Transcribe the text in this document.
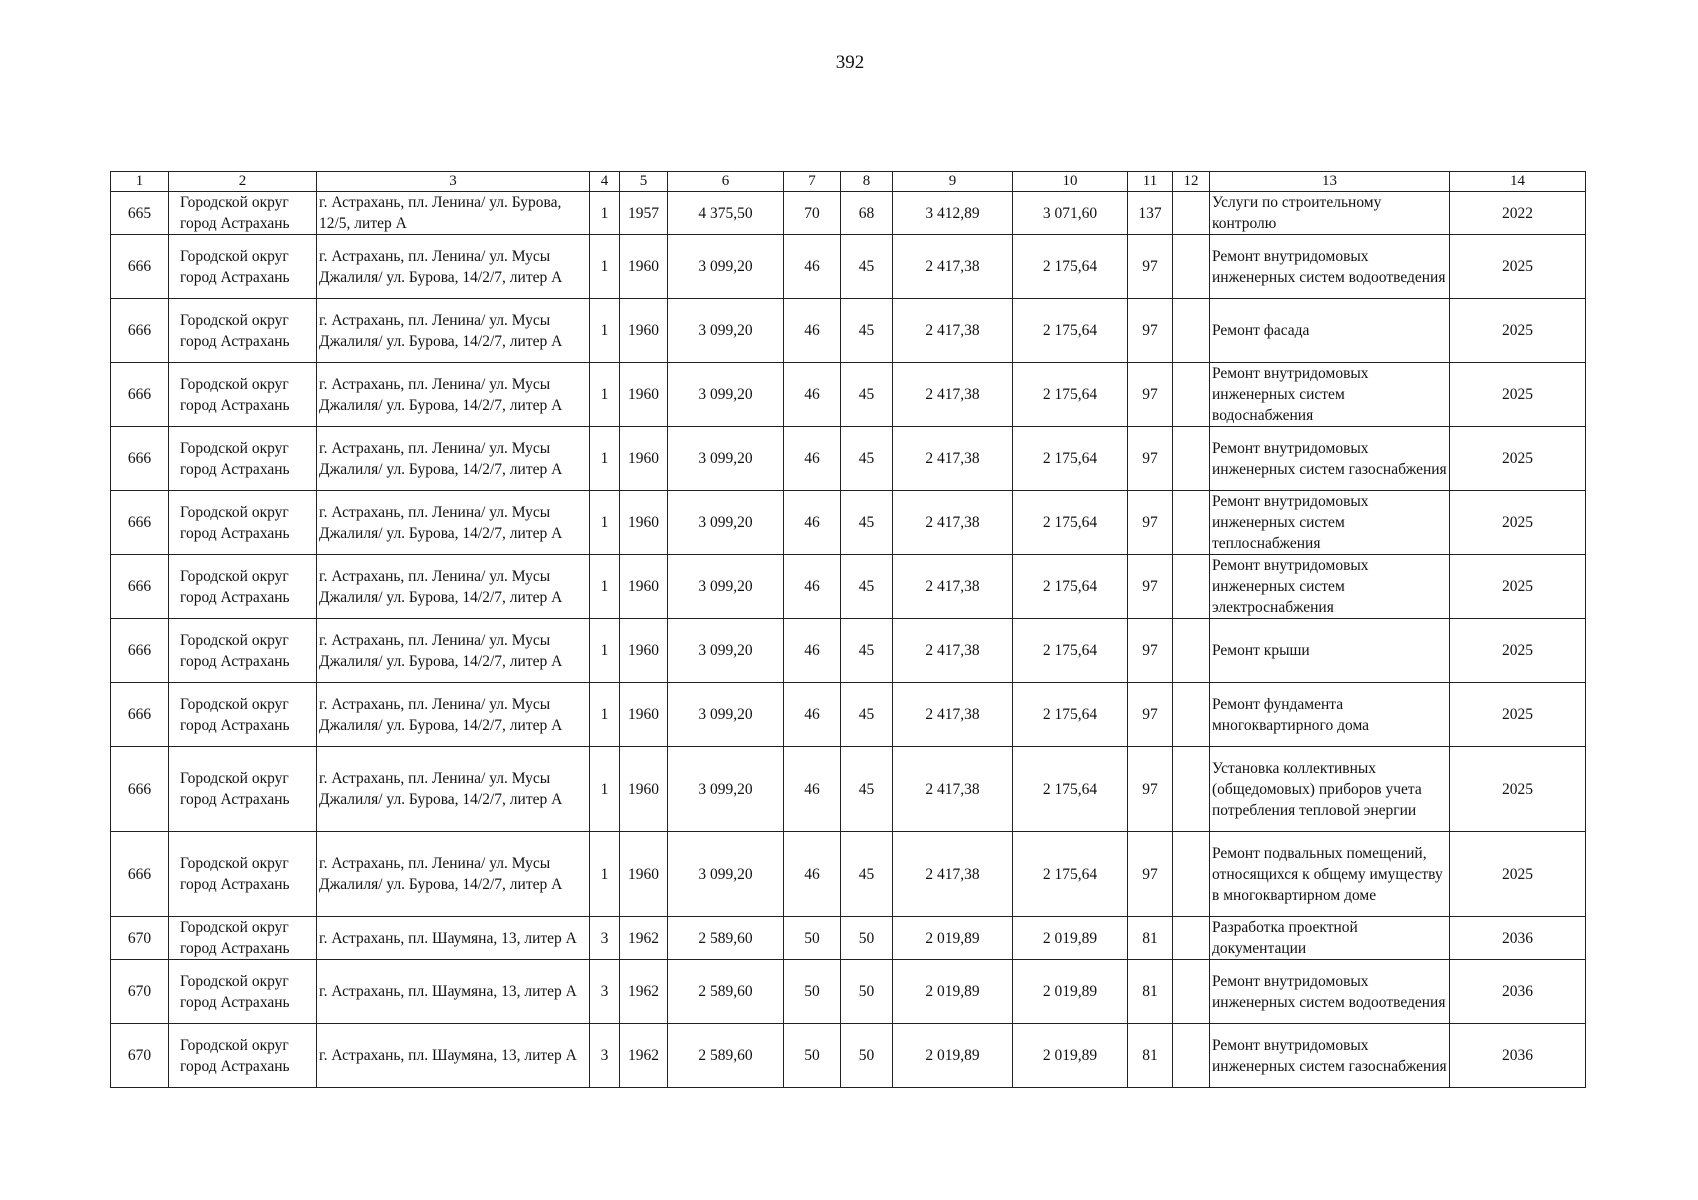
392
1	2	3	4	5	6	7	8	9	10	11	12	13	14
665	Городской округ город Астрахань	г. Астрахань, пл. Ленина/ ул. Бурова, 12/5, литер А	1	1957	4 375,50	70	68	3 412,89	3 071,60	137		Услуги по строительному контролю	2022
666	Городской округ город Астрахань	г. Астрахань, пл. Ленина/ ул. Мусы Джалиля/ ул. Бурова, 14/2/7, литер А	1	1960	3 099,20	46	45	2 417,38	2 175,64	97		Ремонт внутридомовых инженерных систем водоотведения	2025
666	Городской округ город Астрахань	г. Астрахань, пл. Ленина/ ул. Мусы Джалиля/ ул. Бурова, 14/2/7, литер А	1	1960	3 099,20	46	45	2 417,38	2 175,64	97		Ремонт фасада	2025
666	Городской округ город Астрахань	г. Астрахань, пл. Ленина/ ул. Мусы Джалиля/ ул. Бурова, 14/2/7, литер А	1	1960	3 099,20	46	45	2 417,38	2 175,64	97		Ремонт внутридомовых инженерных систем водоснабжения	2025
666	Городской округ город Астрахань	г. Астрахань, пл. Ленина/ ул. Мусы Джалиля/ ул. Бурова, 14/2/7, литер А	1	1960	3 099,20	46	45	2 417,38	2 175,64	97		Ремонт внутридомовых инженерных систем газоснабжения	2025
666	Городской округ город Астрахань	г. Астрахань, пл. Ленина/ ул. Мусы Джалиля/ ул. Бурова, 14/2/7, литер А	1	1960	3 099,20	46	45	2 417,38	2 175,64	97		Ремонт внутридомовых инженерных систем теплоснабжения	2025
666	Городской округ город Астрахань	г. Астрахань, пл. Ленина/ ул. Мусы Джалиля/ ул. Бурова, 14/2/7, литер А	1	1960	3 099,20	46	45	2 417,38	2 175,64	97		Ремонт внутридомовых инженерных систем электроснабжения	2025
666	Городской округ город Астрахань	г. Астрахань, пл. Ленина/ ул. Мусы Джалиля/ ул. Бурова, 14/2/7, литер А	1	1960	3 099,20	46	45	2 417,38	2 175,64	97		Ремонт крыши	2025
666	Городской округ город Астрахань	г. Астрахань, пл. Ленина/ ул. Мусы Джалиля/ ул. Бурова, 14/2/7, литер А	1	1960	3 099,20	46	45	2 417,38	2 175,64	97		Ремонт фундамента многоквартирного дома	2025
666	Городской округ город Астрахань	г. Астрахань, пл. Ленина/ ул. Мусы Джалиля/ ул. Бурова, 14/2/7, литер А	1	1960	3 099,20	46	45	2 417,38	2 175,64	97		Установка коллективных (общедомовых) приборов учета потребления тепловой энергии	2025
666	Городской округ город Астрахань	г. Астрахань, пл. Ленина/ ул. Мусы Джалиля/ ул. Бурова, 14/2/7, литер А	1	1960	3 099,20	46	45	2 417,38	2 175,64	97		Ремонт подвальных помещений, относящихся к общему имуществу в многоквартирном доме	2025
670	Городской округ город Астрахань	г. Астрахань, пл. Шаумяна, 13, литер А	3	1962	2 589,60	50	50	2 019,89	2 019,89	81		Разработка проектной документации	2036
670	Городской округ город Астрахань	г. Астрахань, пл. Шаумяна, 13, литер А	3	1962	2 589,60	50	50	2 019,89	2 019,89	81		Ремонт внутридомовых инженерных систем водоотведения	2036
670	Городской округ город Астрахань	г. Астрахань, пл. Шаумяна, 13, литер А	3	1962	2 589,60	50	50	2 019,89	2 019,89	81		Ремонт внутридомовых инженерных систем газоснабжения	2036
